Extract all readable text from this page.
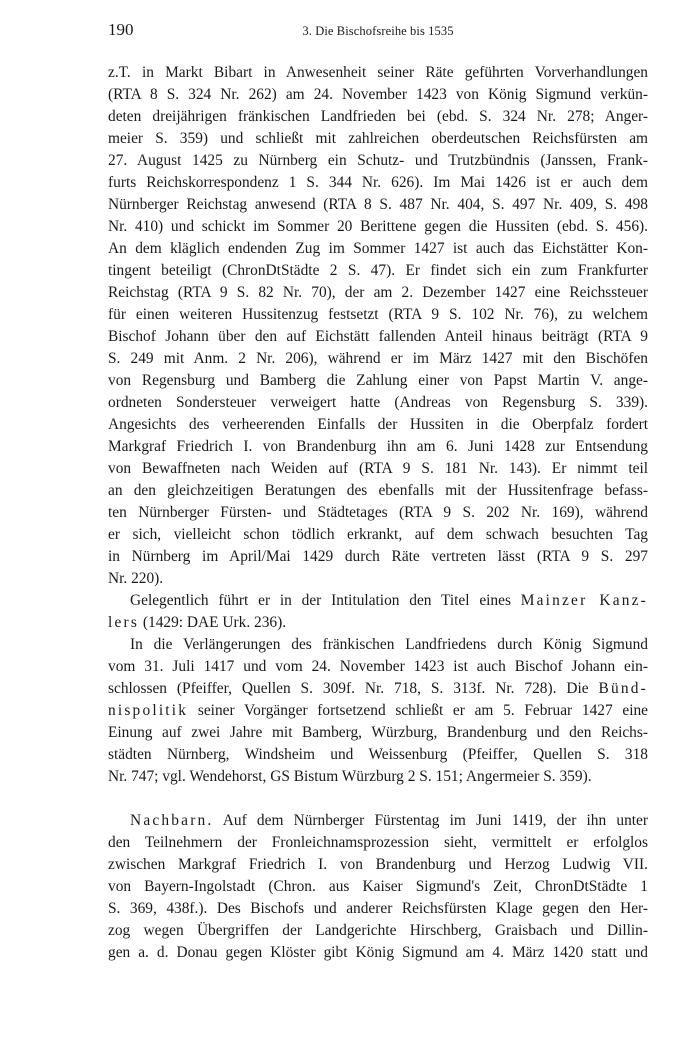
190	3. Die Bischofsreihe bis 1535
z.T. in Markt Bibart in Anwesenheit seiner Räte geführten Vorverhandlungen
(RTA 8 S. 324 Nr. 262) am 24. November 1423 von König Sigmund verkün-
deten dreijährigen fränkischen Landfrieden bei (ebd. S. 324 Nr. 278; Anger-
meier S. 359) und schließt mit zahlreichen oberdeutschen Reichsfürsten am
27. August 1425 zu Nürnberg ein Schutz- und Trutzbündnis (Janssen, Frank-
furts Reichskorrespondenz 1 S. 344 Nr. 626). Im Mai 1426 ist er auch dem
Nürnberger Reichstag anwesend (RTA 8 S. 487 Nr. 404, S. 497 Nr. 409, S. 498
Nr. 410) und schickt im Sommer 20 Berittene gegen die Hussiten (ebd. S. 456).
An dem kläglich endenden Zug im Sommer 1427 ist auch das Eichstätter Kon-
tingent beteiligt (ChronDtStädte 2 S. 47). Er findet sich ein zum Frankfurter
Reichstag (RTA 9 S. 82 Nr. 70), der am 2. Dezember 1427 eine Reichssteuer
für einen weiteren Hussitenzug festsetzt (RTA 9 S. 102 Nr. 76), zu welchem
Bischof Johann über den auf Eichstätt fallenden Anteil hinaus beiträgt (RTA 9
S. 249 mit Anm. 2 Nr. 206), während er im März 1427 mit den Bischöfen
von Regensburg und Bamberg die Zahlung einer von Papst Martin V. ange-
ordneten Sondersteuer verweigert hatte (Andreas von Regensburg S. 339).
Angesichts des verheerenden Einfalls der Hussiten in die Oberpfalz fordert
Markgraf Friedrich I. von Brandenburg ihn am 6. Juni 1428 zur Entsendung
von Bewaffneten nach Weiden auf (RTA 9 S. 181 Nr. 143). Er nimmt teil
an den gleichzeitigen Beratungen des ebenfalls mit der Hussitenfrage befass-
ten Nürnberger Fürsten- und Städtetages (RTA 9 S. 202 Nr. 169), während
er sich, vielleicht schon tödlich erkrankt, auf dem schwach besuchten Tag
in Nürnberg im April/Mai 1429 durch Räte vertreten lässt (RTA 9 S. 297
Nr. 220).
Gelegentlich führt er in der Intitulation den Titel eines Mainzer Kanz-
lers (1429: DAE Urk. 236).
In die Verlängerungen des fränkischen Landfriedens durch König Sigmund
vom 31. Juli 1417 und vom 24. November 1423 ist auch Bischof Johann ein-
schlossen (Pfeiffer, Quellen S. 309f. Nr. 718, S. 313f. Nr. 728). Die Bünd-
nispolitik seiner Vorgänger fortsetzend schließt er am 5. Februar 1427 eine
Einung auf zwei Jahre mit Bamberg, Würzburg, Brandenburg und den Reichs-
städten Nürnberg, Windsheim und Weissenburg (Pfeiffer, Quellen S. 318
Nr. 747; vgl. Wendehorst, GS Bistum Würzburg 2 S. 151; Angermeier S. 359).
Nachbarn. Auf dem Nürnberger Fürstentag im Juni 1419, der ihn unter
den Teilnehmern der Fronleichnamsprozession sieht, vermittelt er erfolglos
zwischen Markgraf Friedrich I. von Brandenburg und Herzog Ludwig VII.
von Bayern-Ingolstadt (Chron. aus Kaiser Sigmund's Zeit, ChronDtStädte 1
S. 369, 438f.). Des Bischofs und anderer Reichsfürsten Klage gegen den Her-
zog wegen Übergriffen der Landgerichte Hirschberg, Graisbach und Dillin-
gen a. d. Donau gegen Klöster gibt König Sigmund am 4. März 1420 statt und
